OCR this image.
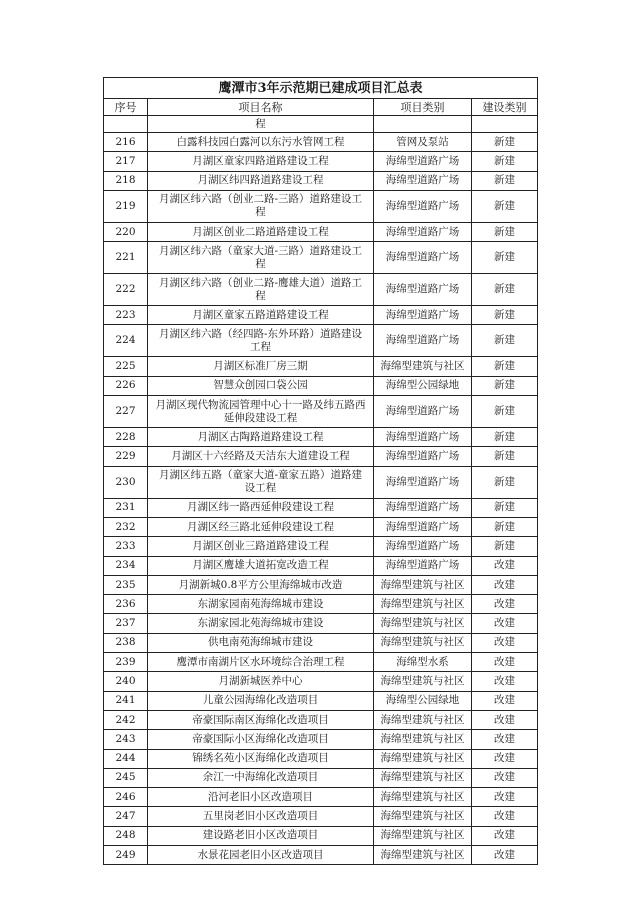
鹰潭市3年示范期已建成项目汇总表			
序号	项目名称	项目类别	建设类别
	程		
216	白露科技园白露河以东污水管网工程	管网及泵站	新建
217	月湖区童家四路道路建设工程	海绵型道路广场	新建
218	月湖区纬四路道路建设工程	海绵型道路广场	新建
219	月湖区纬六路（创业二路-三路）道路建设工程	海绵型道路广场	新建
220	月湖区创业二路道路建设工程	海绵型道路广场	新建
221	月湖区纬六路（童家大道-三路）道路建设工程	海绵型道路广场	新建
222	月湖区纬六路（创业二路-鹰雄大道）道路工程	海绵型道路广场	新建
223	月湖区童家五路道路建设工程	海绵型道路广场	新建
224	月湖区纬六路（经四路-东外环路）道路建设工程	海绵型道路广场	新建
225	月湖区标准厂房三期	海绵型建筑与社区	新建
226	智慧众创园口袋公园	海绵型公园绿地	新建
227	月湖区现代物流园管理中心十一路及纬五路西延伸段建设工程	海绵型道路广场	新建
228	月湖区古陶路道路建设工程	海绵型道路广场	新建
229	月湖区十六经路及天洁东大道建设工程	海绵型道路广场	新建
230	月湖区纬五路（童家大道-童家五路）道路建设工程	海绵型道路广场	新建
231	月湖区纬一路西延伸段建设工程	海绵型道路广场	新建
232	月湖区经三路北延伸段建设工程	海绵型道路广场	新建
233	月湖区创业三路道路建设工程	海绵型道路广场	新建
234	月湖区鹰雄大道拓宽改造工程	海绵型道路广场	改建
235	月湖新城0.8平方公里海绵城市改造	海绵型建筑与社区	改建
236	东湖家园南苑海绵城市建设	海绵型建筑与社区	改建
237	东湖家园北苑海绵城市建设	海绵型建筑与社区	改建
238	供电南苑海绵城市建设	海绵型建筑与社区	改建
239	鹰潭市南湖片区水环境综合治理工程	海绵型水系	改建
240	月湖新城医养中心	海绵型建筑与社区	改建
241	儿童公园海绵化改造项目	海绵型公园绿地	改建
242	帝豪国际南区海绵化改造项目	海绵型建筑与社区	改建
243	帝豪国际小区海绵化改造项目	海绵型建筑与社区	改建
244	锦绣名苑小区海绵化改造项目	海绵型建筑与社区	改建
245	余江一中海绵化改造项目	海绵型建筑与社区	改建
246	沿河老旧小区改造项目	海绵型建筑与社区	改建
247	五里岗老旧小区改造项目	海绵型建筑与社区	改建
248	建设路老旧小区改造项目	海绵型建筑与社区	改建
249	水景花园老旧小区改造项目	海绵型建筑与社区	改建
